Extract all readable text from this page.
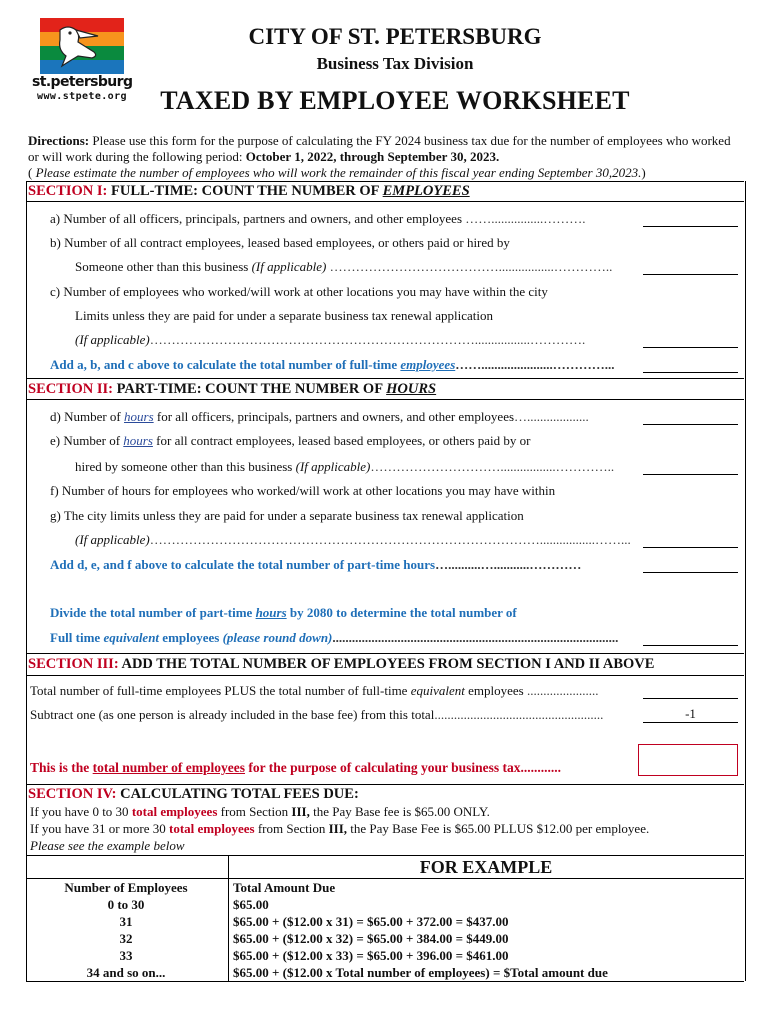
st.petersburg
www.stpete.org
CITY OF ST. PETERSBURG
Business Tax Division
TAXED BY EMPLOYEE WORKSHEET
Directions: Please use this form for the purpose of calculating the FY 2024 business tax due for the number of employees who worked or will work during the following period: October 1, 2022, through September 30, 2023.
( Please estimate the number of employees who will work the remainder of this fiscal year ending September 30,2023.)
SECTION I: FULL-TIME: COUNT THE NUMBER OF EMPLOYEES
a) Number of all officers, principals, partners and owners, and other employees ……................……….
b) Number of all contract employees, leased based employees, or others paid or hired by
Someone other than this business (If applicable) ………………………………….................…………..
c) Number of employees who worked/will work at other locations you may have within the city
Limits unless they are paid for under a separate business tax renewal application
(If applicable)………………………………………………………………….................………….
Add a, b, and c above to calculate the total number of full-time employees……......................…………...
SECTION II: PART-TIME: COUNT THE NUMBER OF HOURS
d) Number of hours for all officers, principals, partners and owners, and other employees…...................
e) Number of hours for all contract employees, leased based employees, or others paid by or
hired by someone other than this business (If applicable)………………………….................…………..
f) Number of hours for employees who worked/will work at other locations you may have within
g) The city limits unless they are paid for under a separate business tax renewal application
(If applicable)……………………………………………………………………………….................……...
Add d, e, and f above to calculate the total number of part-time hours…..........…...........…………
Divide the total number of part-time hours by 2080 to determine the total number of
Full time equivalent employees (please round down)........................................................................................
SECTION III: ADD THE TOTAL NUMBER OF EMPLOYEES FROM SECTION I AND II ABOVE
Total number of full-time employees PLUS the total number of full-time equivalent employees ......................
Subtract one (as one person is already included in the base fee) from this total....................................................	-1
This is the total number of employees for the purpose of calculating your business tax............
SECTION IV: CALCULATING TOTAL FEES DUE:
If you have 0 to 30 total employees from Section III, the Pay Base fee is $65.00 ONLY.
If you have 31 or more 30 total employees from Section III, the Pay Base Fee is $65.00 PLLUS $12.00 per employee.
Please see the example below
FOR EXAMPLE
Number of Employees	Total Amount Due
0 to 30	$65.00
31	$65.00 + ($12.00 x 31) = $65.00 + 372.00 = $437.00
32	$65.00 + ($12.00 x 32) = $65.00 + 384.00 = $449.00
33	$65.00 + ($12.00 x 33) = $65.00 + 396.00 = $461.00
34 and so on...	$65.00 + ($12.00 x Total number of employees) = $Total amount due
